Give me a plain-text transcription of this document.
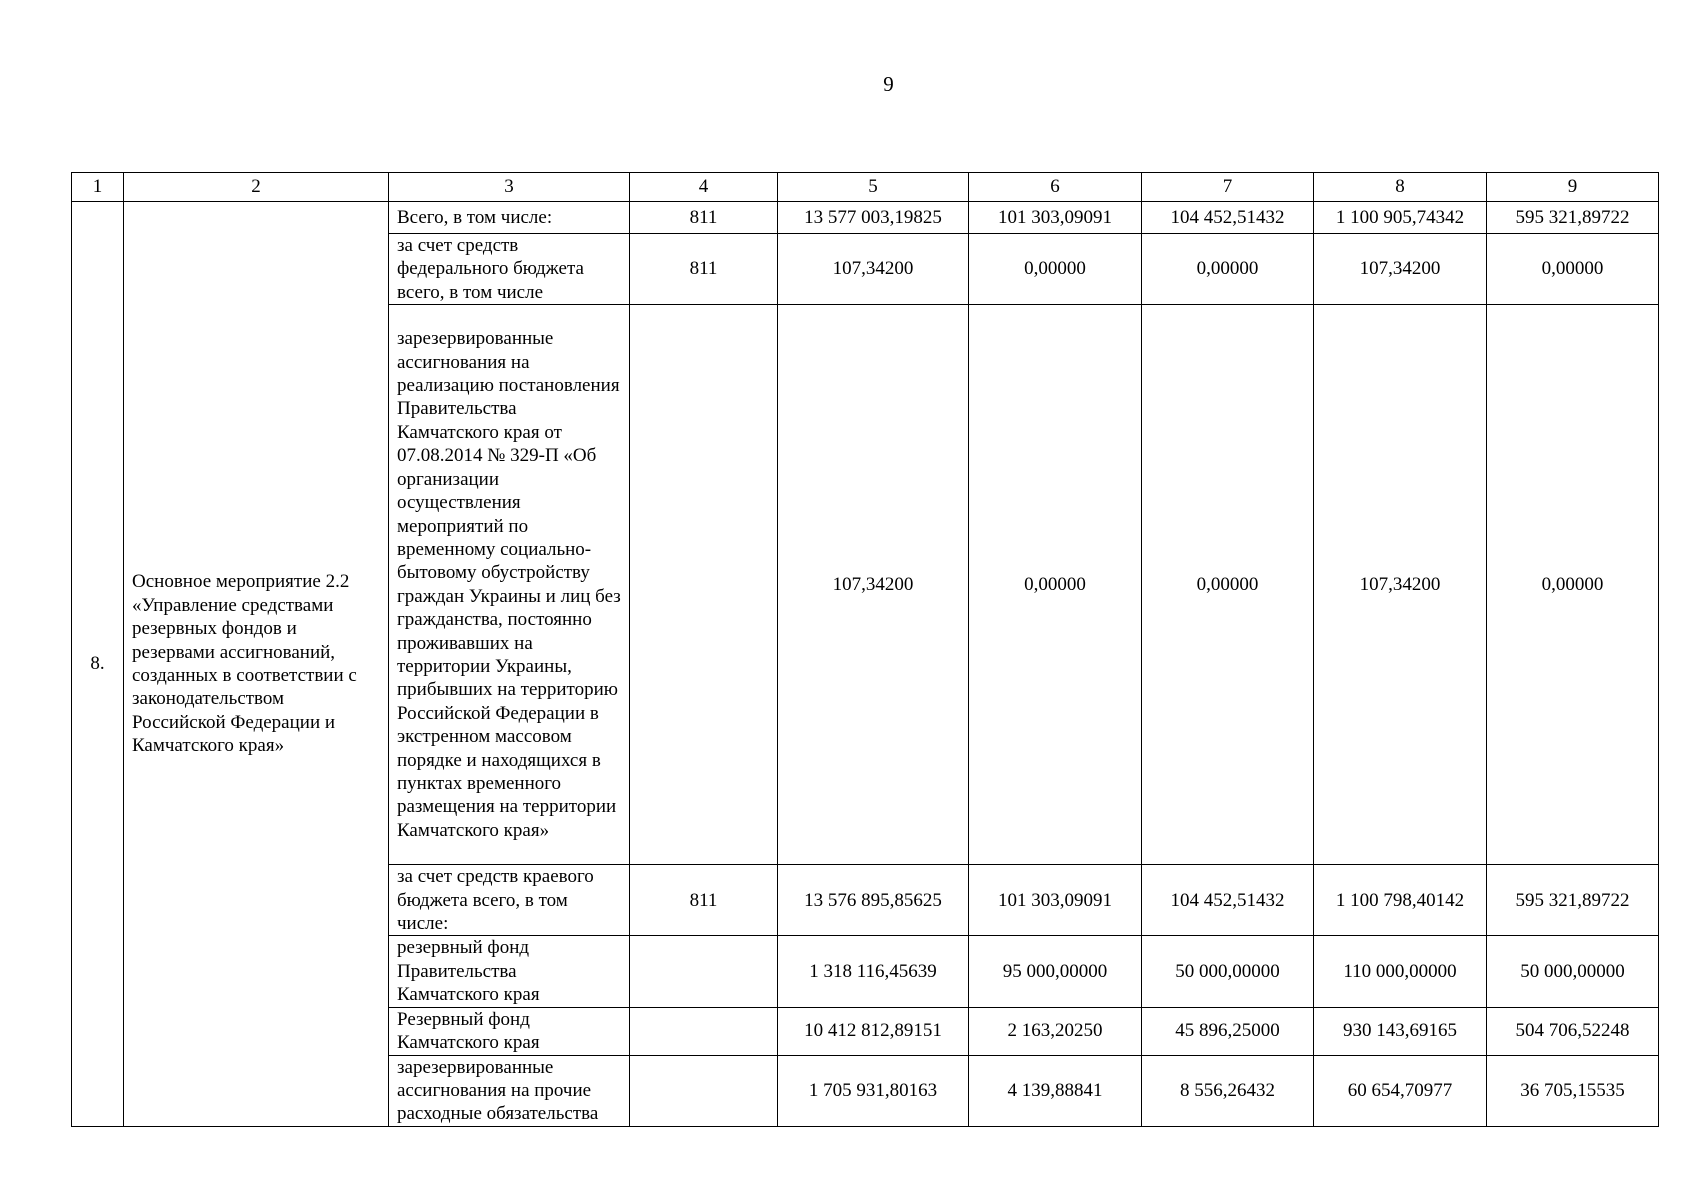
9
1	2	3	4	5	6	7	8	9
8.	Основное мероприятие 2.2 «Управление средствами резервных фондов и резервами ассигнований, созданных в соответствии с законодательством Российской Федерации и Камчатского края»	Всего, в том числе:	811	13 577 003,19825	101 303,09091	104 452,51432	1 100 905,74342	595 321,89722
		за счет средств федерального бюджета всего, в том числе	811	107,34200	0,00000	0,00000	107,34200	0,00000
		зарезервированные ассигнования на реализацию постановления Правительства Камчатского края от 07.08.2014 № 329-П «Об организации осуществления мероприятий по временному социально-бытовому обустройству граждан Украины и лиц без гражданства, постоянно проживавших на территории Украины, прибывших на территорию Российской Федерации в экстренном массовом порядке и находящихся в пунктах временного размещения на территории Камчатского края»		107,34200	0,00000	0,00000	107,34200	0,00000
		за счет средств краевого бюджета всего, в том числе:	811	13 576 895,85625	101 303,09091	104 452,51432	1 100 798,40142	595 321,89722
		резервный фонд Правительства Камчатского края		1 318 116,45639	95 000,00000	50 000,00000	110 000,00000	50 000,00000
		Резервный фонд Камчатского края		10 412 812,89151	2 163,20250	45 896,25000	930 143,69165	504 706,52248
		зарезервированные ассигнования на прочие расходные обязательства		1 705 931,80163	4 139,88841	8 556,26432	60 654,70977	36 705,15535
